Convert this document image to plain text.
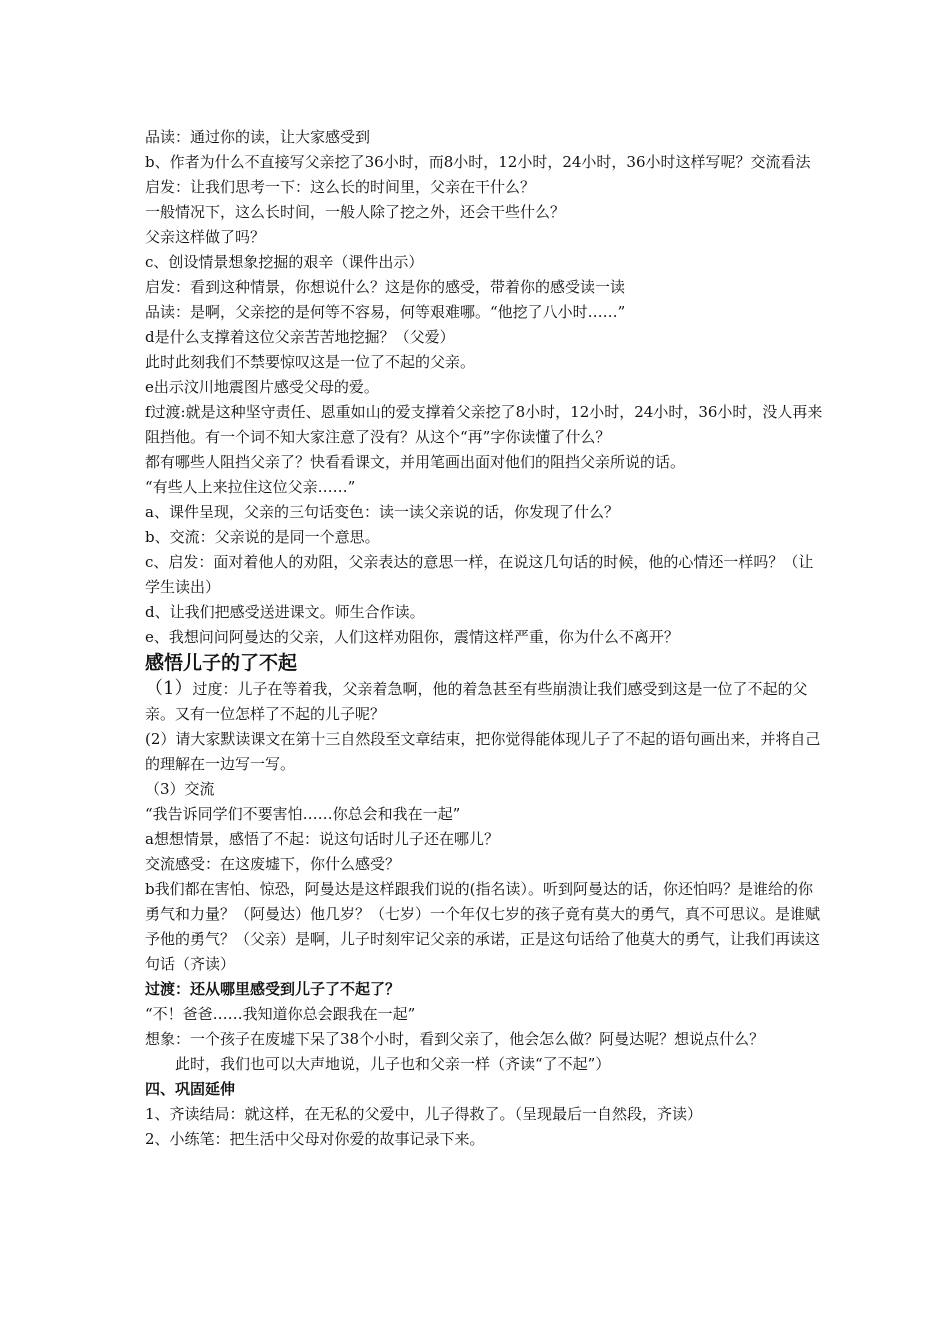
品读：通过你的读，让大家感受到

b、作者为什么不直接写父亲挖了36小时，而8小时，12小时，24小时，36小时这样写呢？交流看法

启发：让我们思考一下：这么长的时间里，父亲在干什么？

一般情况下，这么长时间，一般人除了挖之外，还会干些什么？

父亲这样做了吗？

c、创设情景想象挖掘的艰辛（课件出示）

启发：看到这种情景，你想说什么？这是你的感受，带着你的感受读一读

品读：是啊，父亲挖的是何等不容易，何等艰难哪。“他挖了八小时……”

d是什么支撑着这位父亲苦苦地挖掘？（父爱）

此时此刻我们不禁要惊叹这是一位了不起的父亲。

e出示汶川地震图片感受父母的爱。

f过渡:就是这种坚守责任、恩重如山的爱支撑着父亲挖了8小时，12小时，24小时，36小时，没人再来阻挡他。有一个词不知大家注意了没有？从这个“再”字你读懂了什么？

都有哪些人阻挡父亲了？快看看课文，并用笔画出面对他们的阻挡父亲所说的话。

“有些人上来拉住这位父亲……”

a、课件呈现，父亲的三句话变色：读一读父亲说的话，你发现了什么？

b、交流：父亲说的是同一个意思。

c、启发：面对着他人的劝阻，父亲表达的意思一样，在说这几句话的时候，他的心情还一样吗？（让学生读出）

d、让我们把感受送进课文。师生合作读。

e、我想问问阿曼达的父亲，人们这样劝阻你，震情这样严重，你为什么不离开？

感悟儿子的了不起

（1）过度：儿子在等着我，父亲着急啊，他的着急甚至有些崩溃让我们感受到这是一位了不起的父亲。又有一位怎样了不起的儿子呢？

(2）请大家默读课文在第十三自然段至文章结束，把你觉得能体现儿子了不起的语句画出来，并将自己的理解在一边写一写。

（3）交流

“我告诉同学们不要害怕……你总会和我在一起”

a想想情景，感悟了不起：说这句话时儿子还在哪儿？

交流感受：在这废墟下，你什么感受？

b我们都在害怕、惊恐，阿曼达是这样跟我们说的(指名读）。听到阿曼达的话，你还怕吗？是谁给的你勇气和力量？（阿曼达）他几岁？（七岁）一个年仅七岁的孩子竟有莫大的勇气，真不可思议。是谁赋予他的勇气？（父亲）是啊，儿子时刻牢记父亲的承诺，正是这句话给了他莫大的勇气，让我们再读这句话（齐读）

过渡：还从哪里感受到儿子了不起了？

“不！爸爸……我知道你总会跟我在一起”

想象：一个孩子在废墟下呆了38个小时，看到父亲了，他会怎么做？阿曼达呢？想说点什么？

此时，我们也可以大声地说，儿子也和父亲一样（齐读“了不起”）

四、巩固延伸

1、齐读结局：就这样，在无私的父爱中，儿子得救了。（呈现最后一自然段，齐读）

2、小练笔：把生活中父母对你爱的故事记录下来。
